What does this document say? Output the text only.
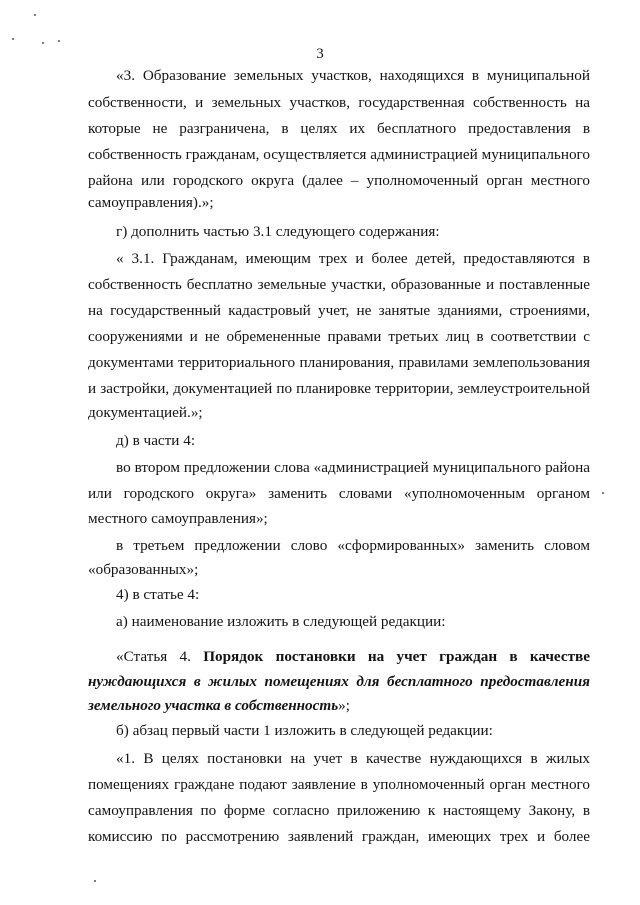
3
«3. Образование земельных участков, находящихся в муниципальной
собственности, и земельных участков, государственная собственность на
которые не разграничена, в целях их бесплатного предоставления в
собственность гражданам, осуществляется администрацией муниципального
района или городского округа (далее – уполномоченный орган местного
самоуправления).»;
г) дополнить частью 3.1 следующего содержания:
« 3.1. Гражданам, имеющим трех и более детей, предоставляются в
собственность бесплатно земельные участки, образованные и поставленные
на государственный кадастровый учет, не занятые зданиями, строениями,
сооружениями и не обремененные правами третьих лиц в соответствии с
документами территориального планирования, правилами землепользования
и застройки, документацией по планировке территории, землеустроительной
документацией.»;
д) в части 4:
во втором предложении слова «администрацией муниципального района
или городского округа» заменить словами «уполномоченным органом
местного самоуправления»;
в третьем предложении слово «сформированных» заменить словом
«образованных»;
4) в статье 4:
а) наименование изложить в следующей редакции:
«Статья 4. Порядок постановки на учет граждан в качестве
нуждающихся в жилых помещениях для бесплатного предоставления
земельного участка в собственность»;
б) абзац первый части 1 изложить в следующей редакции:
«1. В целях постановки на учет в качестве нуждающихся в жилых
помещениях граждане подают заявление в уполномоченный орган местного
самоуправления по форме согласно приложению к настоящему Закону, в
комиссию по рассмотрению заявлений граждан, имеющих трех и более
